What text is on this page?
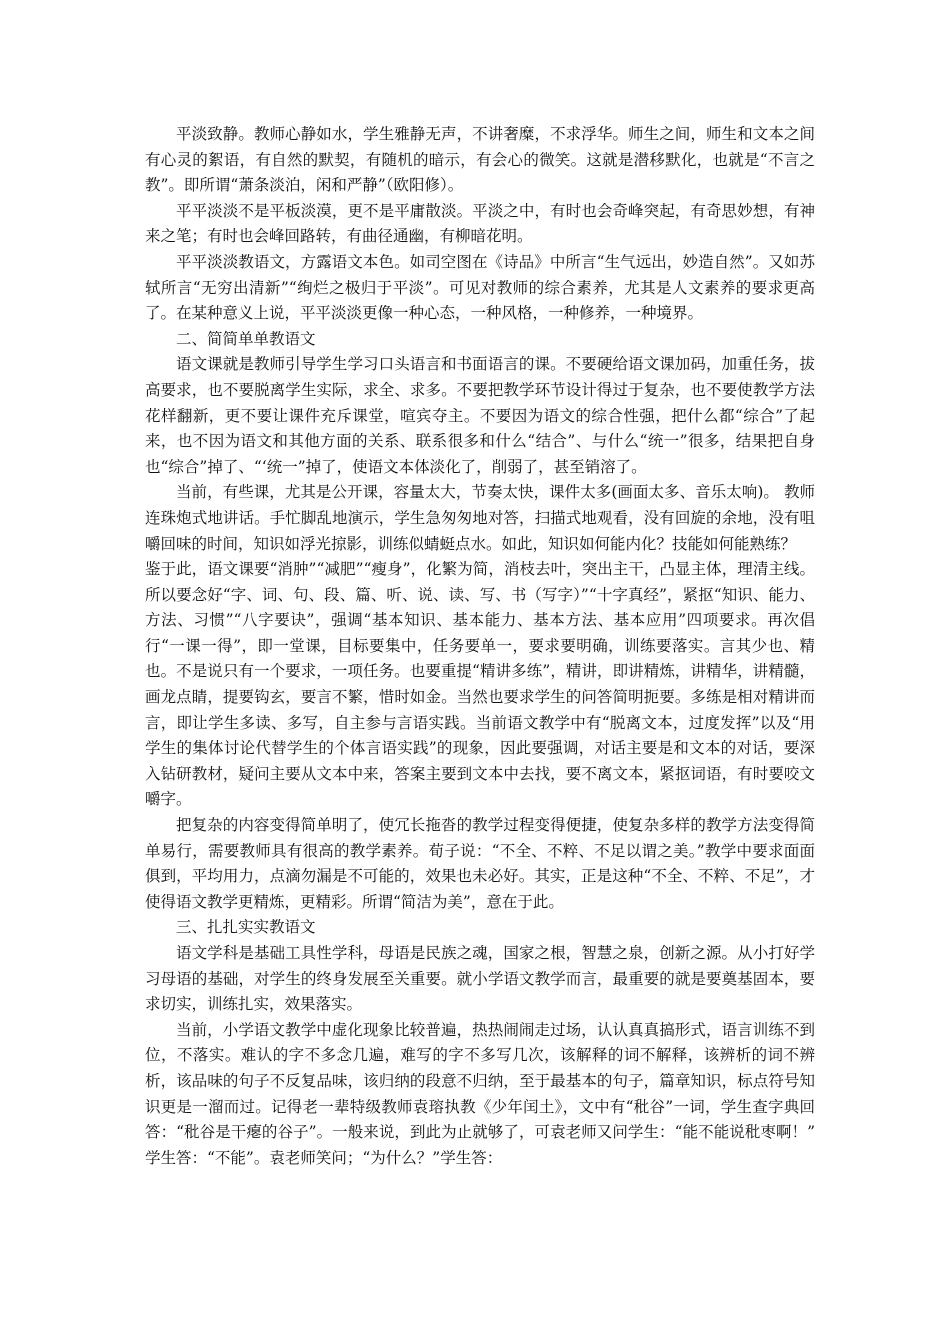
平淡致静。教师心静如水，学生雅静无声，不讲奢糜，不求浮华。师生之间，师生和文本之间有心灵的絮语，有自然的默契，有随机的暗示，有会心的微笑。这就是潜移默化，也就是“不言之教”。即所谓“萧条淡泊，闲和严静”（欧阳修）。

平平淡淡不是平板淡漠，更不是平庸散淡。平淡之中，有时也会奇峰突起，有奇思妙想，有神来之笔；有时也会峰回路转，有曲径通幽，有柳暗花明。

平平淡淡教语文，方露语文本色。如司空图在《诗品》中所言“生气远出，妙造自然”。又如苏轼所言“无穷出清新”“绚烂之极归于平淡”。可见对教师的综合素养，尤其是人文素养的要求更高了。在某种意义上说，平平淡淡更像一种心态，一种风格，一种修养，一种境界。

二、简简单单教语文

语文课就是教师引导学生学习口头语言和书面语言的课。不要硬给语文课加码，加重任务，拔高要求，也不要脱离学生实际，求全、求多。不要把教学环节设计得过于复杂，也不要使教学方法花样翻新，更不要让课件充斥课堂，喧宾夺主。不要因为语文的综合性强，把什么都“综合”了起来，也不因为语文和其他方面的关系、联系很多和什么“结合”、与什么“统一”很多，结果把自身也“综合”掉了、“‘统一”掉了，使语文本体淡化了，削弱了，甚至销溶了。

当前，有些课，尤其是公开课，容量太大，节奏太快，课件太多(画面太多、音乐太响)。 教师连珠炮式地讲话。手忙脚乱地演示，学生急匆匆地对答，扫描式地观看，没有回旋的余地，没有咀嚼回味的时间，知识如浮光掠影，训练似蜻蜓点水。如此，知识如何能内化？技能如何能熟练？

鉴于此，语文课要“消肿”“减肥”“瘦身”，化繁为简，消枝去叶，突出主干，凸显主体，理清主线。所以要念好“字、词、句、段、篇、听、说、读、写、书（写字）”“十字真经”，紧抠“知识、能力、方法、习惯”“八字要诀”，强调“基本知识、基本能力、基本方法、基本应用”四项要求。再次倡行“一课一得”，即一堂课，目标要集中，任务要单一，要求要明确，训练要落实。言其少也、精也。不是说只有一个要求，一项任务。也要重提“精讲多练”，精讲，即讲精炼，讲精华，讲精髓，画龙点睛，提要钩玄，要言不繁，惜时如金。当然也要求学生的问答简明扼要。多练是相对精讲而言，即让学生多读、多写，自主参与言语实践。当前语文教学中有“脱离文本，过度发挥”以及“用学生的集体讨论代替学生的个体言语实践”的现象，因此要强调，对话主要是和文本的对话，要深入钻研教材，疑问主要从文本中来，答案主要到文本中去找，要不离文本，紧抠词语，有时要咬文嚼字。

把复杂的内容变得简单明了，使冗长拖沓的教学过程变得便捷，使复杂多样的教学方法变得简单易行，需要教师具有很高的教学素养。荀子说：“不全、不粹、不足以谓之美。”教学中要求面面俱到，平均用力，点滴勿漏是不可能的，效果也未必好。其实，正是这种“不全、不粹、不足”，才使得语文教学更精炼，更精彩。所谓“简洁为美”，意在于此。

三、扎扎实实教语文

语文学科是基础工具性学科，母语是民族之魂，国家之根，智慧之泉，创新之源。从小打好学习母语的基础，对学生的终身发展至关重要。就小学语文教学而言，最重要的就是要奠基固本，要求切实，训练扎实，效果落实。

当前，小学语文教学中虚化现象比较普遍，热热闹闹走过场，认认真真搞形式，语言训练不到位，不落实。难认的字不多念几遍，难写的字不多写几次，该解释的词不解释，该辨析的词不辨析，该品味的句子不反复品味，该归纳的段意不归纳，至于最基本的句子，篇章知识，标点符号知识更是一溜而过。记得老一辈特级教师袁瑢执教《少年闰土》，文中有“秕谷”一词，学生查字典回答：“秕谷是干瘪的谷子”。一般来说，到此为止就够了，可袁老师又问学生：“能不能说秕枣啊！” 学生答：“不能”。袁老师笑问；“为什么？”学生答：
